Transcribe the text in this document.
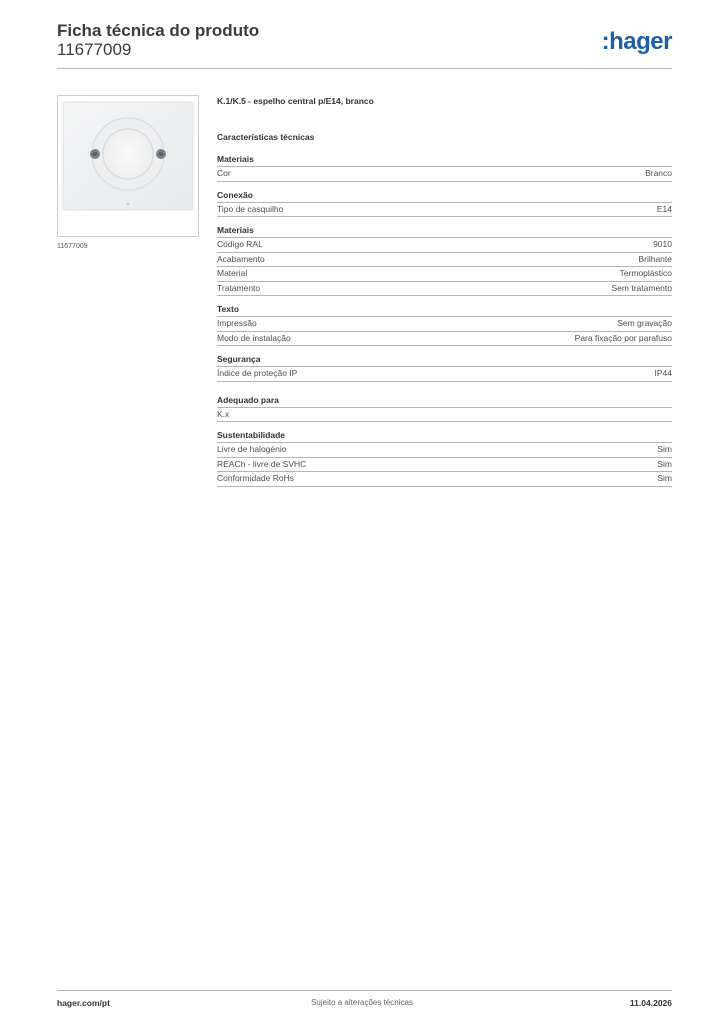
Ficha técnica do produto
11677009	:hager
11677009
K.1/K.5 - espelho central p/E14, branco
Características técnicas
Materiais
Cor	Branco
Conexão
Tipo de casquilho	E14
Materiais
Código RAL	9010
Acabamento	Brilhante
Material	Termoplástico
Tratamento	Sem tratamento
Texto
Impressão	Sem gravação
Modo de instalação	Para fixação por parafuso
Segurança
Índice de proteção IP	IP44
Adequado para
K.x
Sustentabilidade
Livre de halogénio	Sim
REACh - livre de SVHC	Sim
Conformidade RoHs	Sim
hager.com/pt	Sujeito a alterações técnicas	11.04.2026
